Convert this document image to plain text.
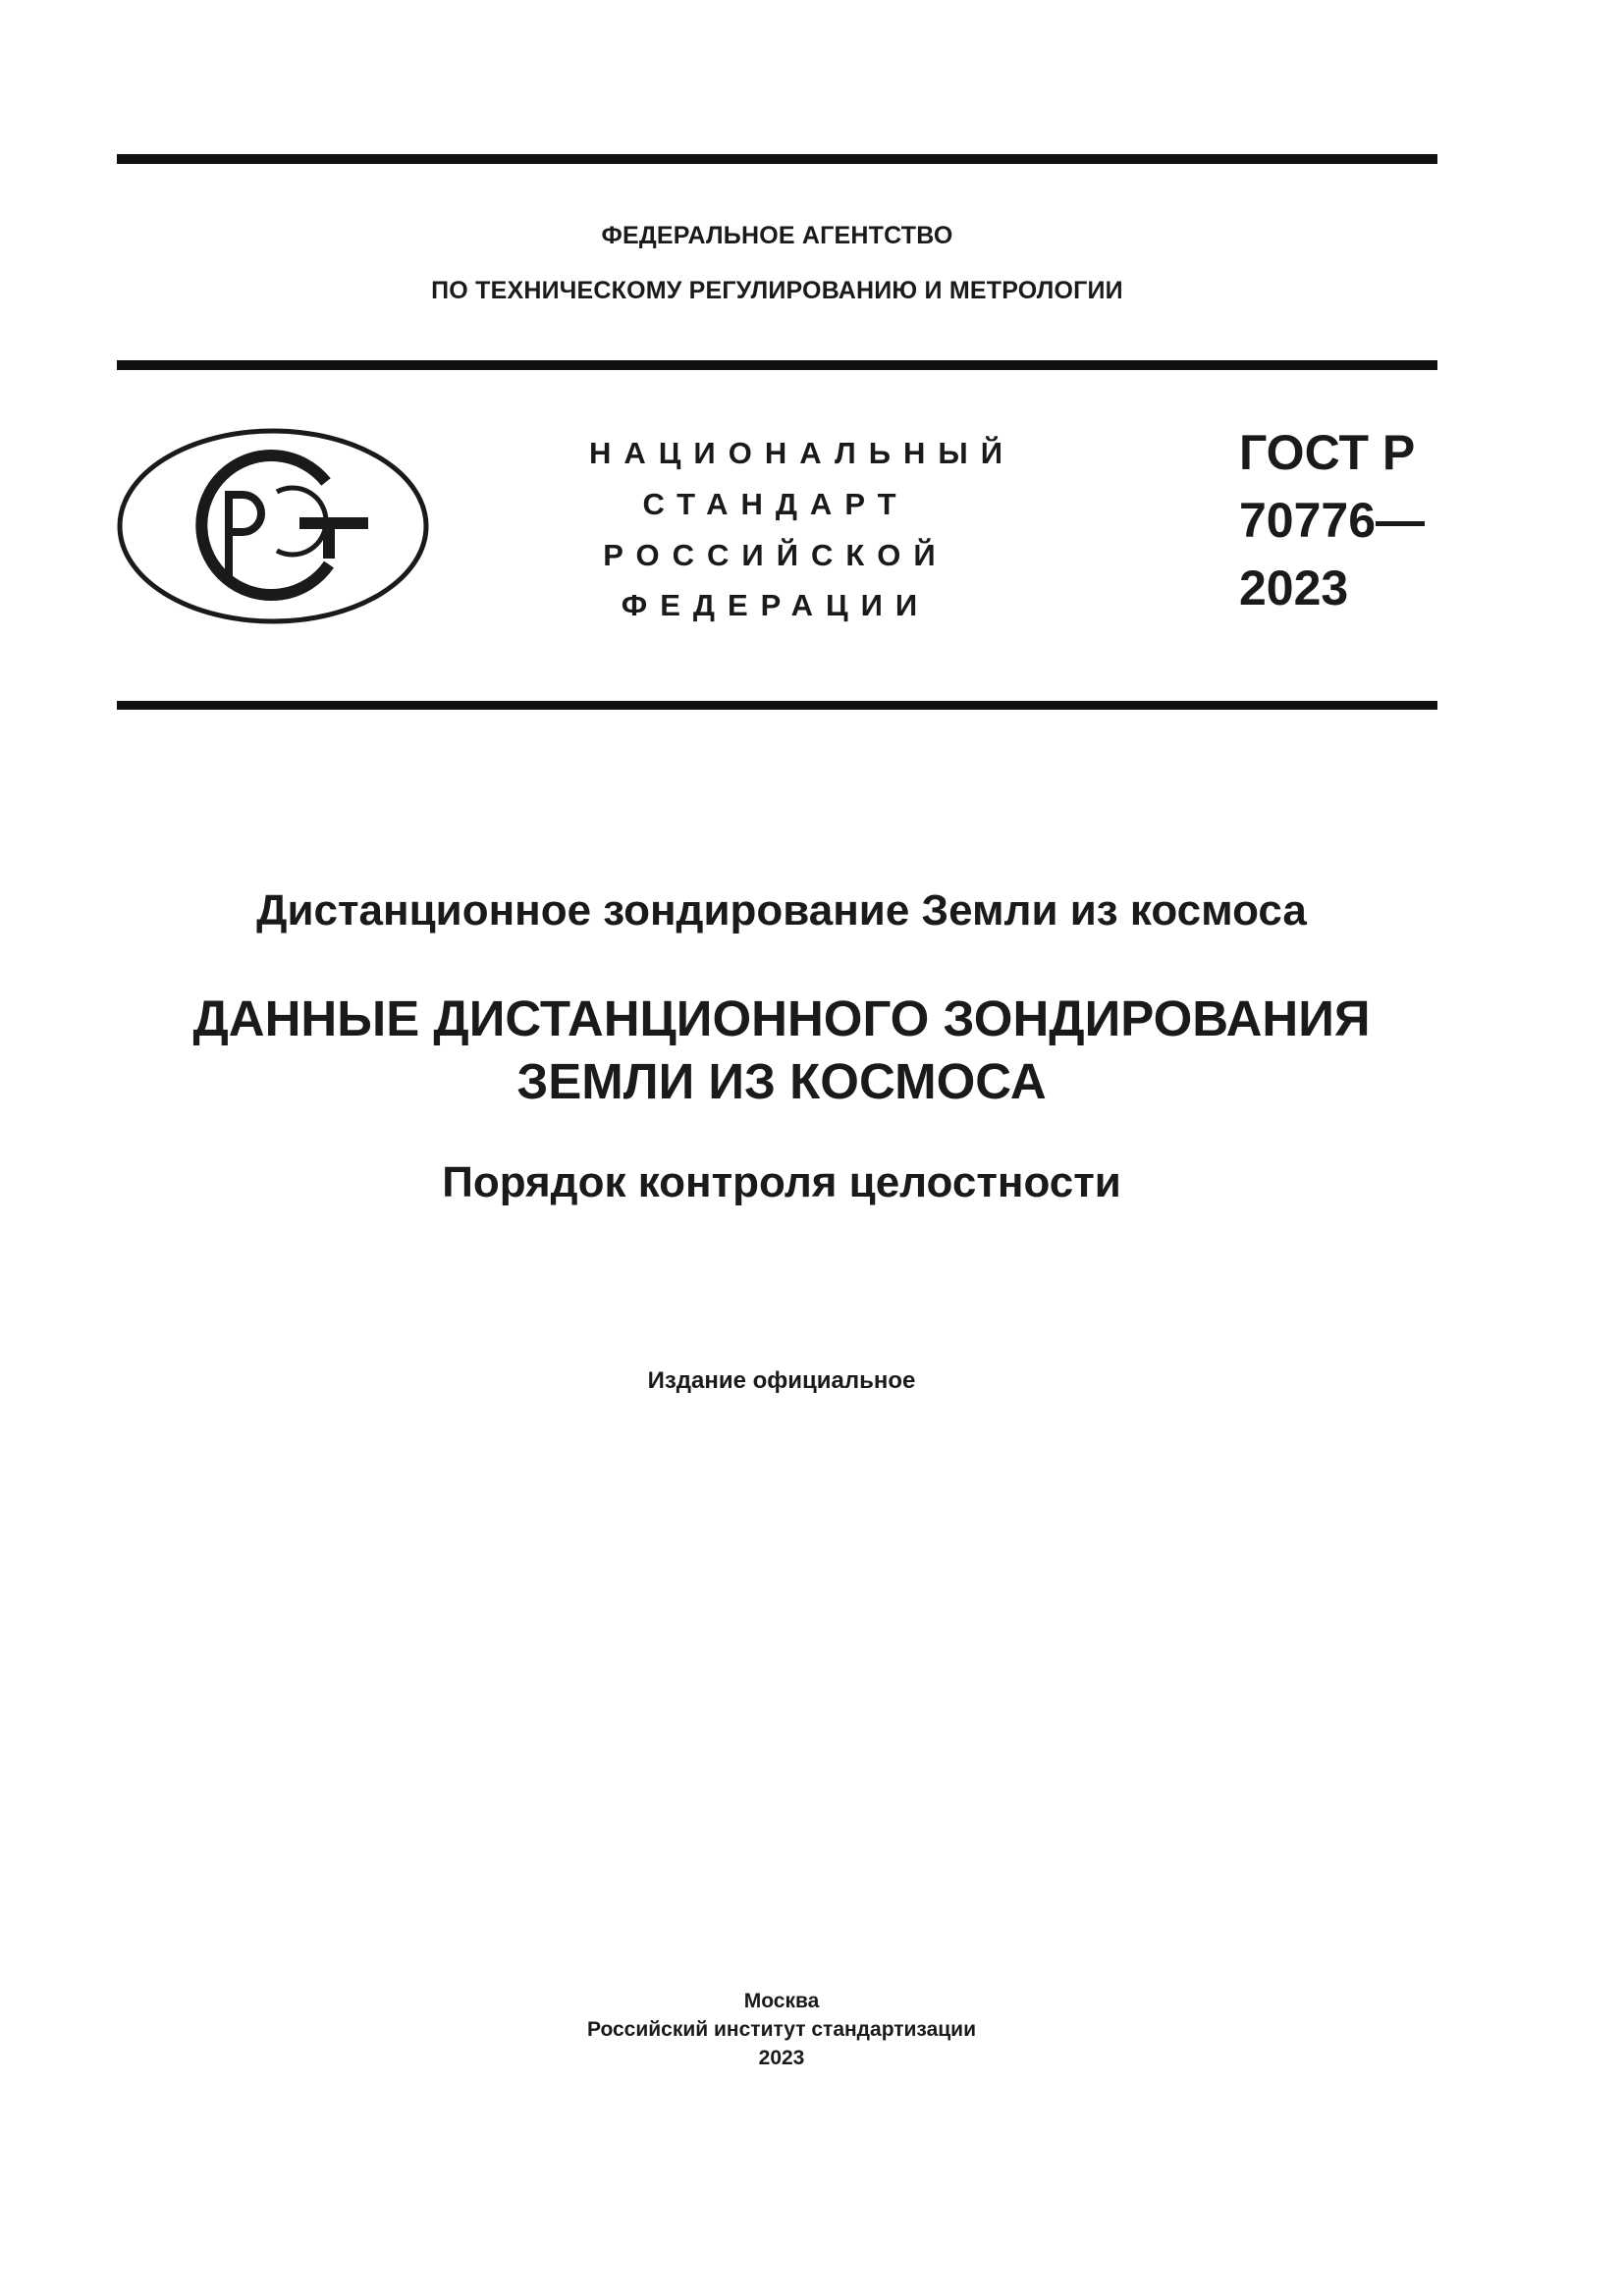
ФЕДЕРАЛЬНОЕ АГЕНТСТВО
ПО ТЕХНИЧЕСКОМУ РЕГУЛИРОВАНИЮ И МЕТРОЛОГИИ
НАЦИОНАЛЬНЫЙ
СТАНДАРТ
РОССИЙСКОЙ
ФЕДЕРАЦИИ
ГОСТ Р
70776—
2023
Дистанционное зондирование Земли из космоса
ДАННЫЕ ДИСТАНЦИОННОГО ЗОНДИРОВАНИЯ
ЗЕМЛИ ИЗ КОСМОСА
Порядок контроля целостности
Издание официальное
Москва
Российский институт стандартизации
2023
